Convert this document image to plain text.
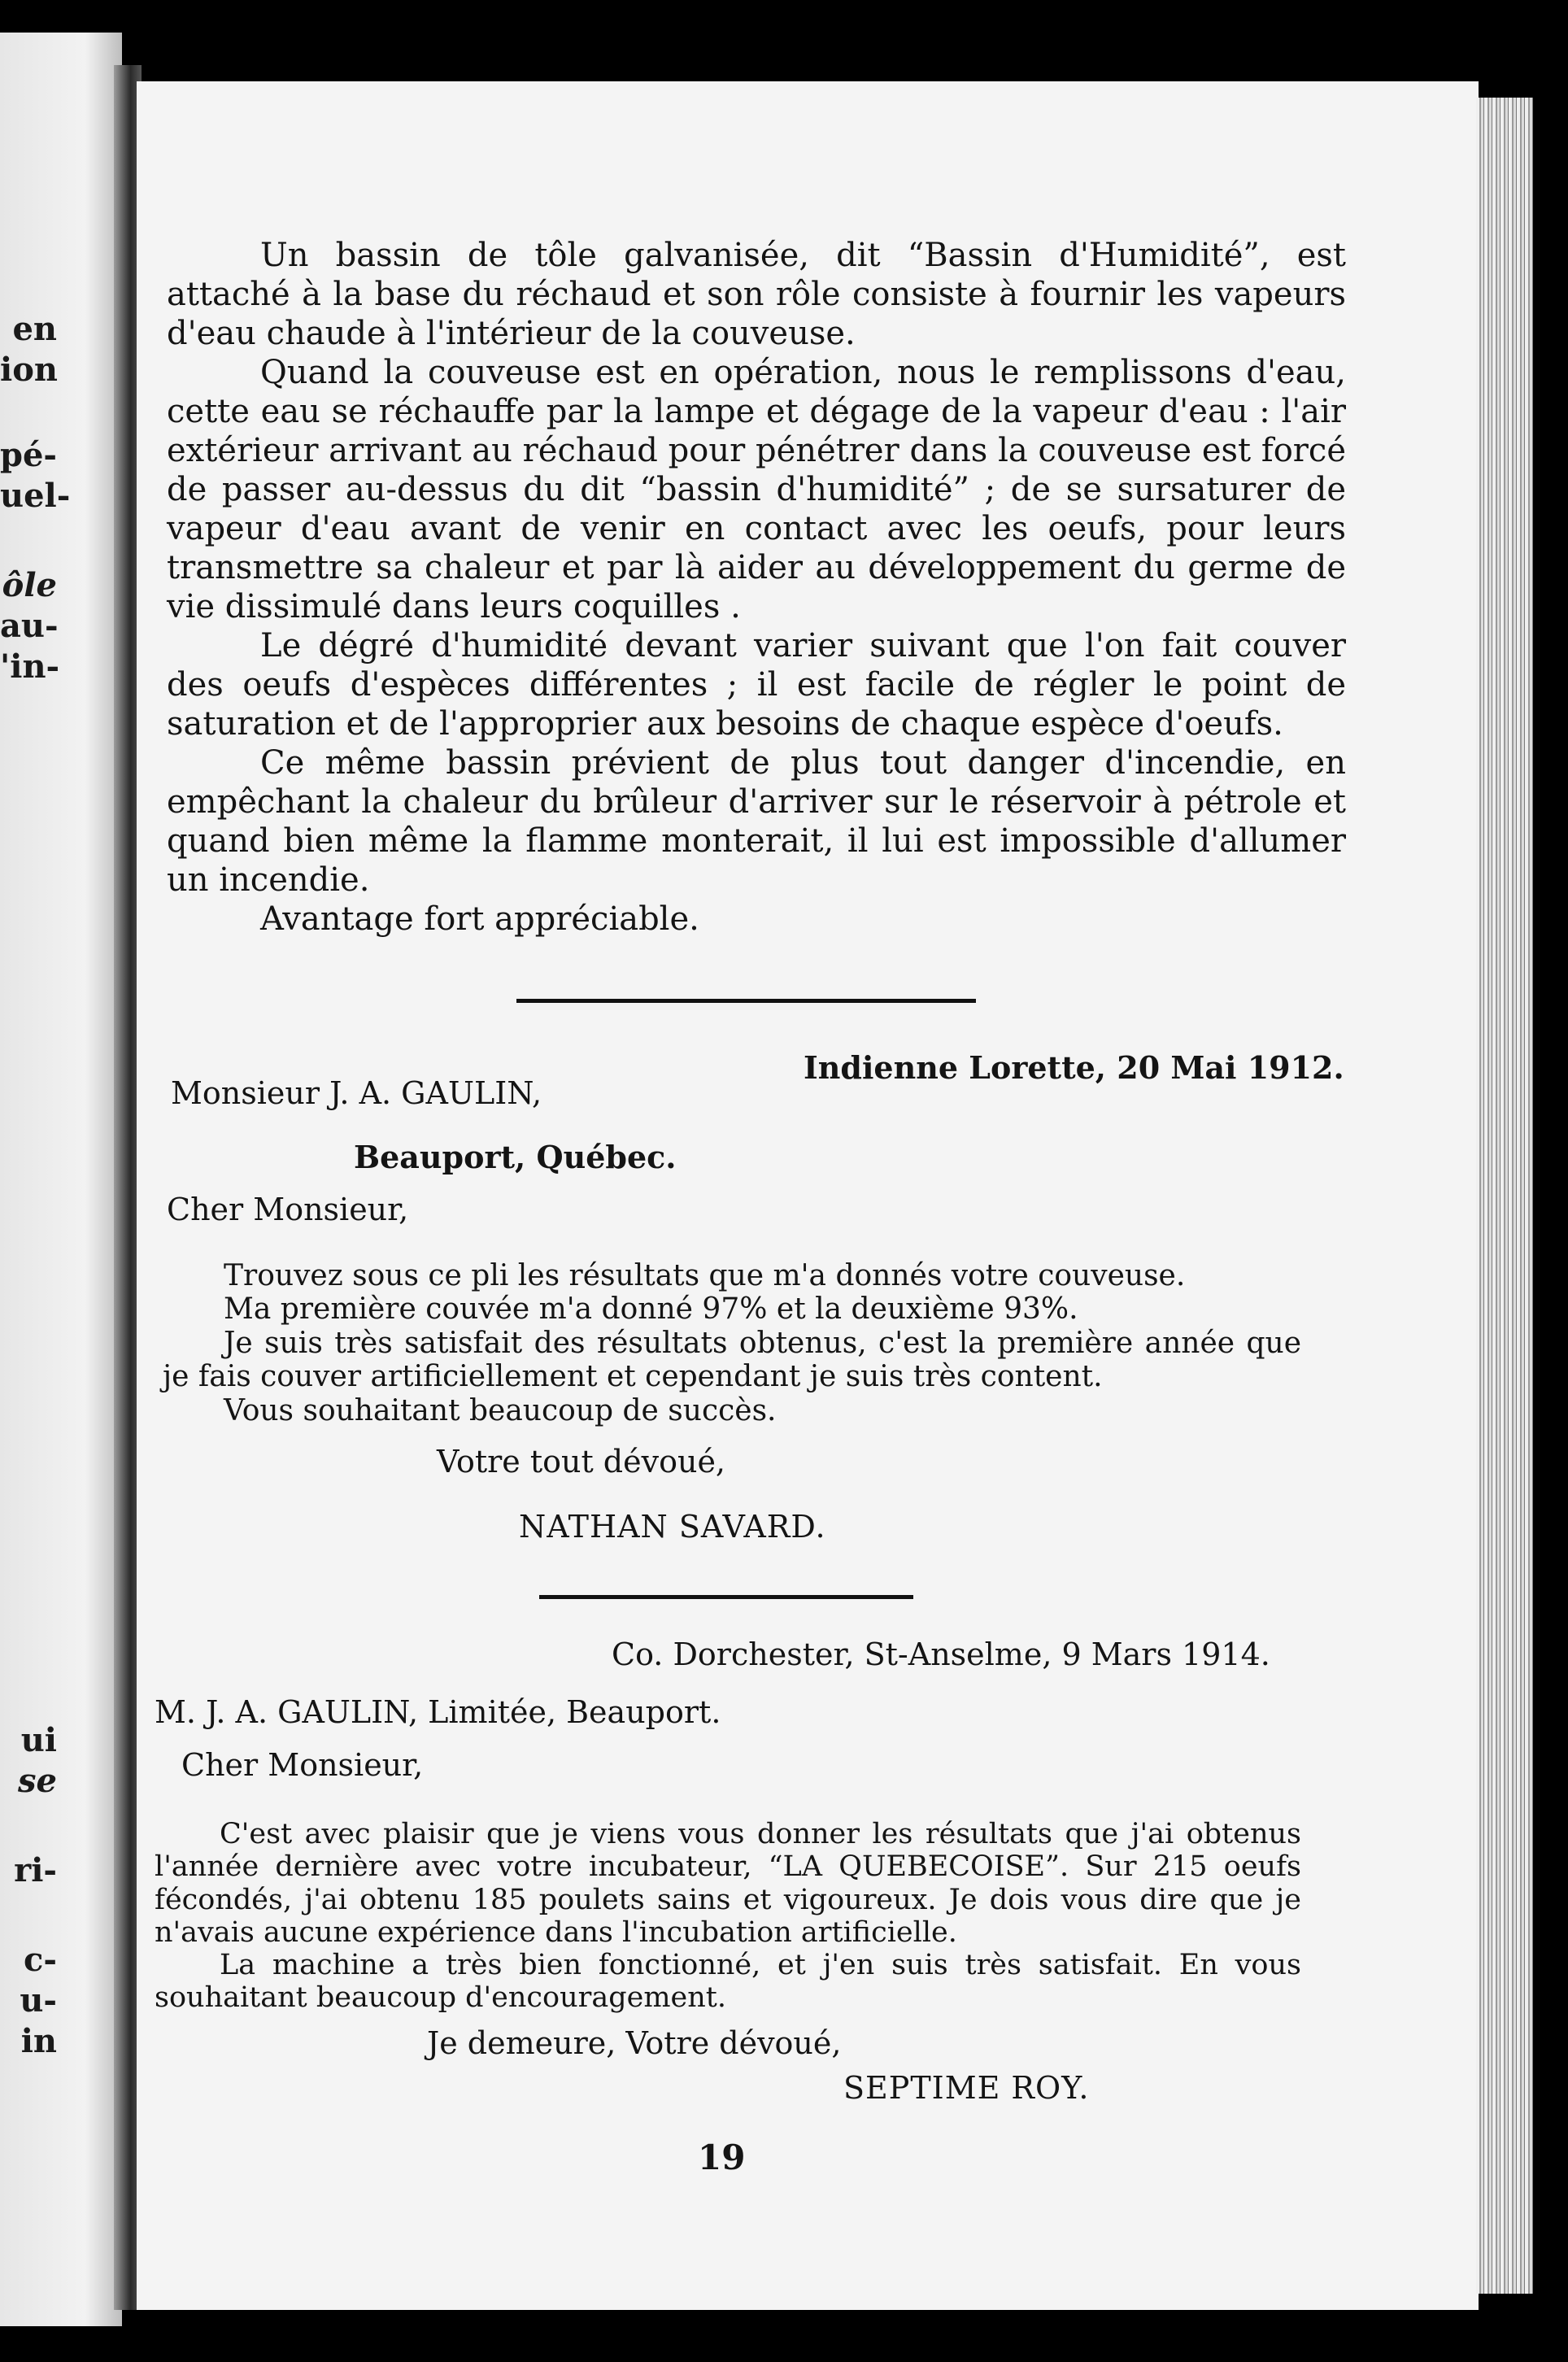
en
ion
pé-
uel-
ôle
au-
'in-
ui
se
ri-
c-
u-
in

Un bassin de tôle galvanisée, dit “Bassin d'Humidité”, est attaché à la base du réchaud et son rôle consiste à fournir les vapeurs d'eau chaude à l'intérieur de la couveuse.

Quand la couveuse est en opération, nous le remplissons d'eau, cette eau se réchauffe par la lampe et dégage de la vapeur d'eau : l'air extérieur arrivant au réchaud pour pénétrer dans la couveuse est forcé de passer au-dessus du dit “bassin d'humidité” ; de se sursaturer de vapeur d'eau avant de venir en contact avec les oeufs, pour leurs transmettre sa chaleur et par là aider au développement du germe de vie dissimulé dans leurs coquilles .

Le dégré d'humidité devant varier suivant que l'on fait couver des oeufs d'espèces différentes ; il est facile de régler le point de saturation et de l'approprier aux besoins de chaque espèce d'oeufs.

Ce même bassin prévient de plus tout danger d'incendie, en empêchant la chaleur du brûleur d'arriver sur le réservoir à pétrole et quand bien même la flamme monterait, il lui est impossible d'allumer un incendie.

Avantage fort appréciable.

Indienne Lorette, 20 Mai 1912.
Monsieur J. A. GAULIN,
Beauport, Québec.
Cher Monsieur,

Trouvez sous ce pli les résultats que m'a donnés votre couveuse.

Ma première couvée m'a donné 97% et la deuxième 93%.

Je suis très satisfait des résultats obtenus, c'est la première année que je fais couver artificiellement et cependant je suis très content.

Vous souhaitant beaucoup de succès.

Votre tout dévoué,
NATHAN SAVARD.
Co. Dorchester, St-Anselme, 9 Mars 1914.
M. J. A. GAULIN, Limitée, Beauport.
Cher Monsieur,

C'est avec plaisir que je viens vous donner les résultats que j'ai obtenus l'année dernière avec votre incubateur, “LA QUEBECOISE”. Sur 215 oeufs fécondés, j'ai obtenu 185 poulets sains et vigoureux. Je dois vous dire que je n'avais aucune expérience dans l'incubation artificielle.

La machine a très bien fonctionné, et j'en suis très satisfait. En vous souhaitant beaucoup d'encouragement.

Je demeure, Votre dévoué,
SEPTIME ROY.
19
